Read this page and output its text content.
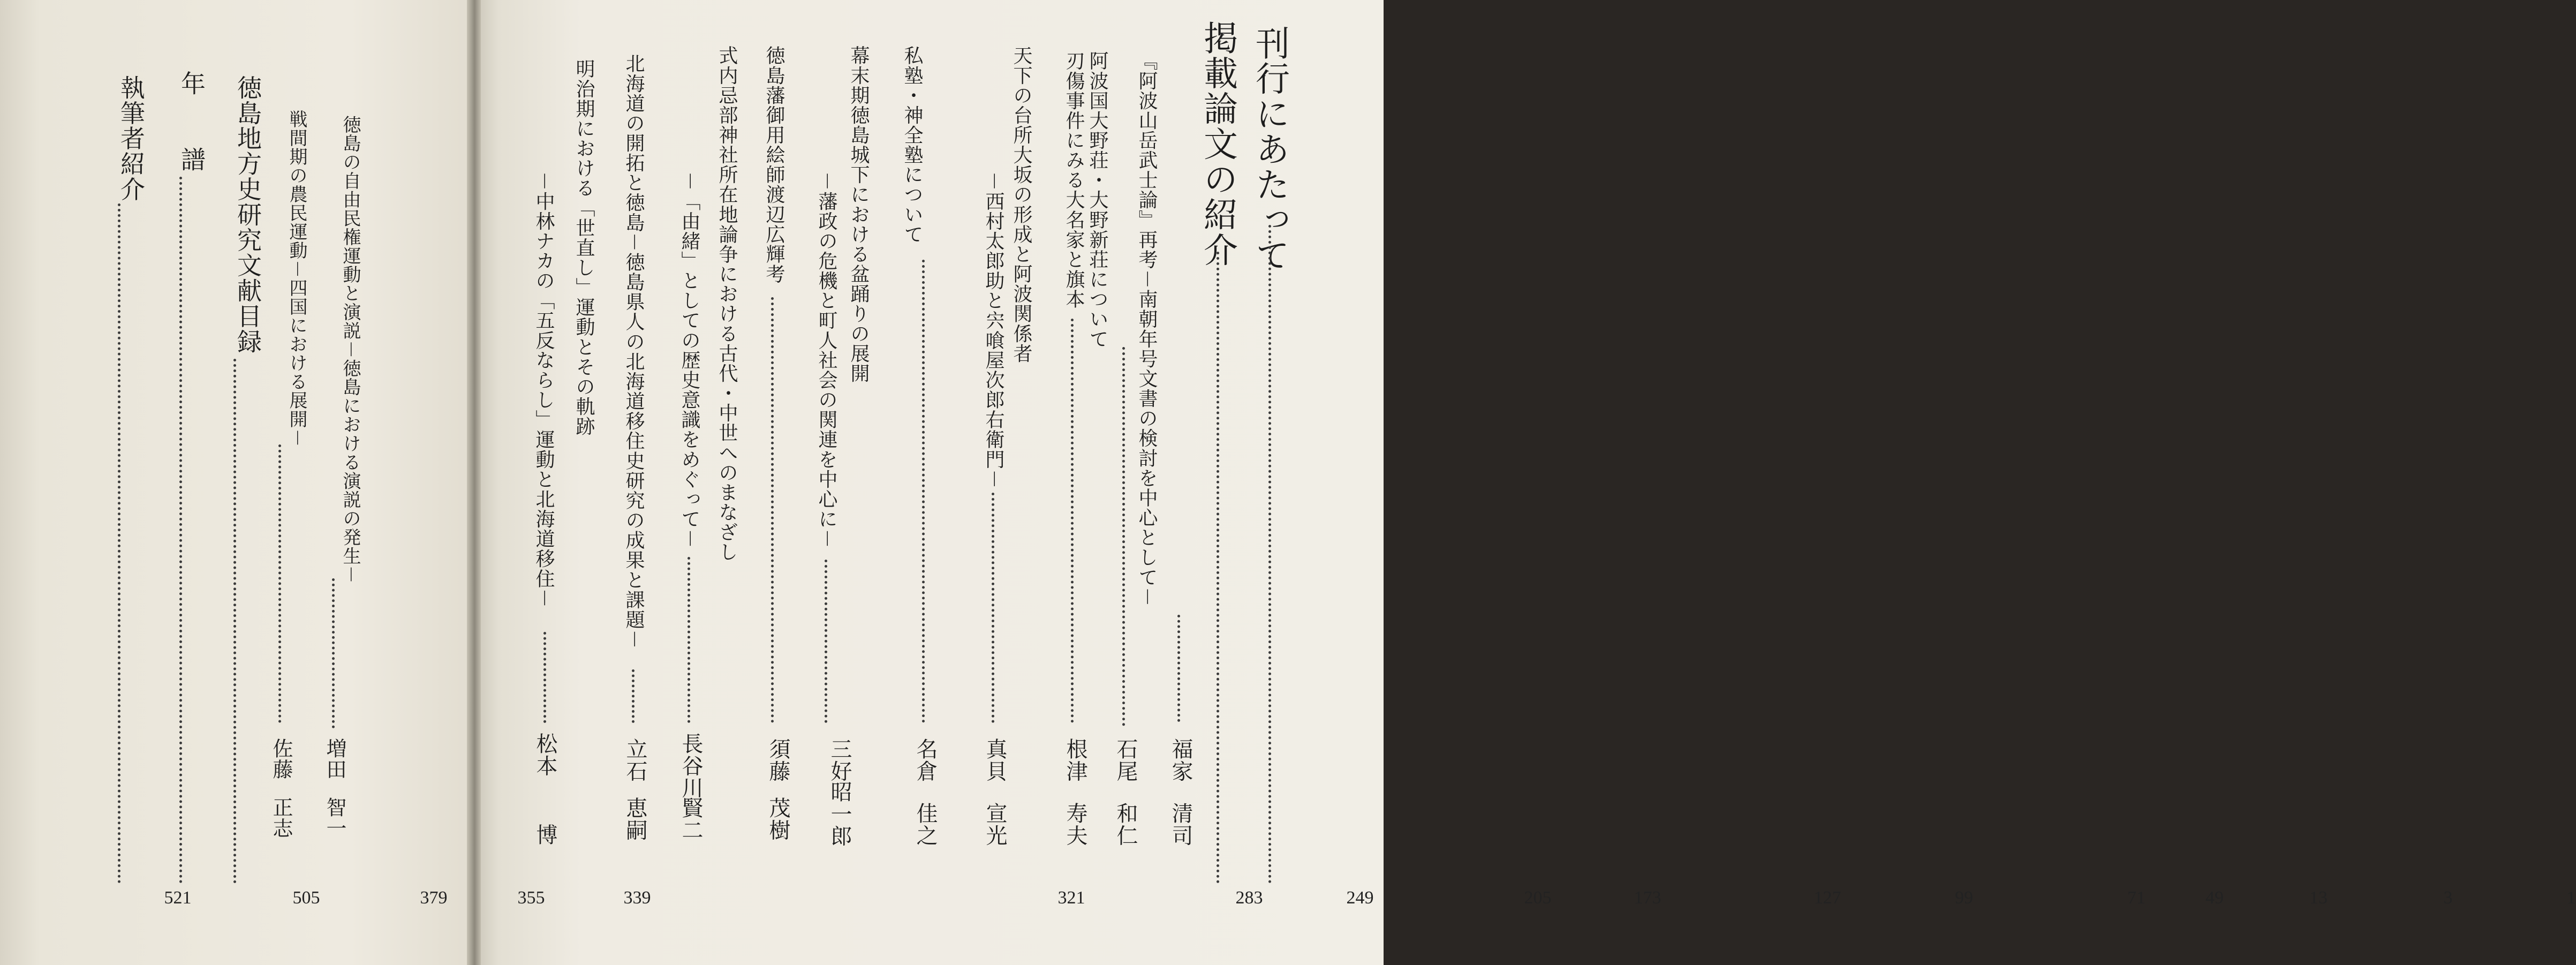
刊行にあたって
1
掲載論文の紹介
3
『阿波山岳武士論』再考－南朝年号文書の検討を中心として－
福家
清司
13
阿波国大野荘・大野新荘について
石尾
和仁
49
刃傷事件にみる大名家と旗本
根津
寿夫
71
天下の台所大坂の形成と阿波関係者
－西村太郎助と宍喰屋次郎右衛門－
真貝
宣光
99
私塾・神全塾について
名倉
佳之
127
幕末期徳島城下における盆踊りの展開
－藩政の危機と町人社会の関連を中心に－
三好
昭一郎
173
徳島藩御用絵師渡辺広輝考
須藤
茂樹
205
式内忌部神社所在地論争における古代・中世へのまなざし
－「由緒」としての歴史意識をめぐって－
長谷川
賢二
249
北海道の開拓と徳島－徳島県人の北海道移住史研究の成果と課題－
立石
恵嗣
283
明治期における「世直し」運動とその軌跡
－中林ナカの「五反ならし」運動と北海道移住－
松本
博
321
徳島の自由民権運動と演説－徳島における演説の発生－
増田
智一
339
戦間期の農民運動－四国における展開－
佐藤
正志
355
徳島地方史研究文献目録
379
年　　譜
505
執筆者紹介
521
